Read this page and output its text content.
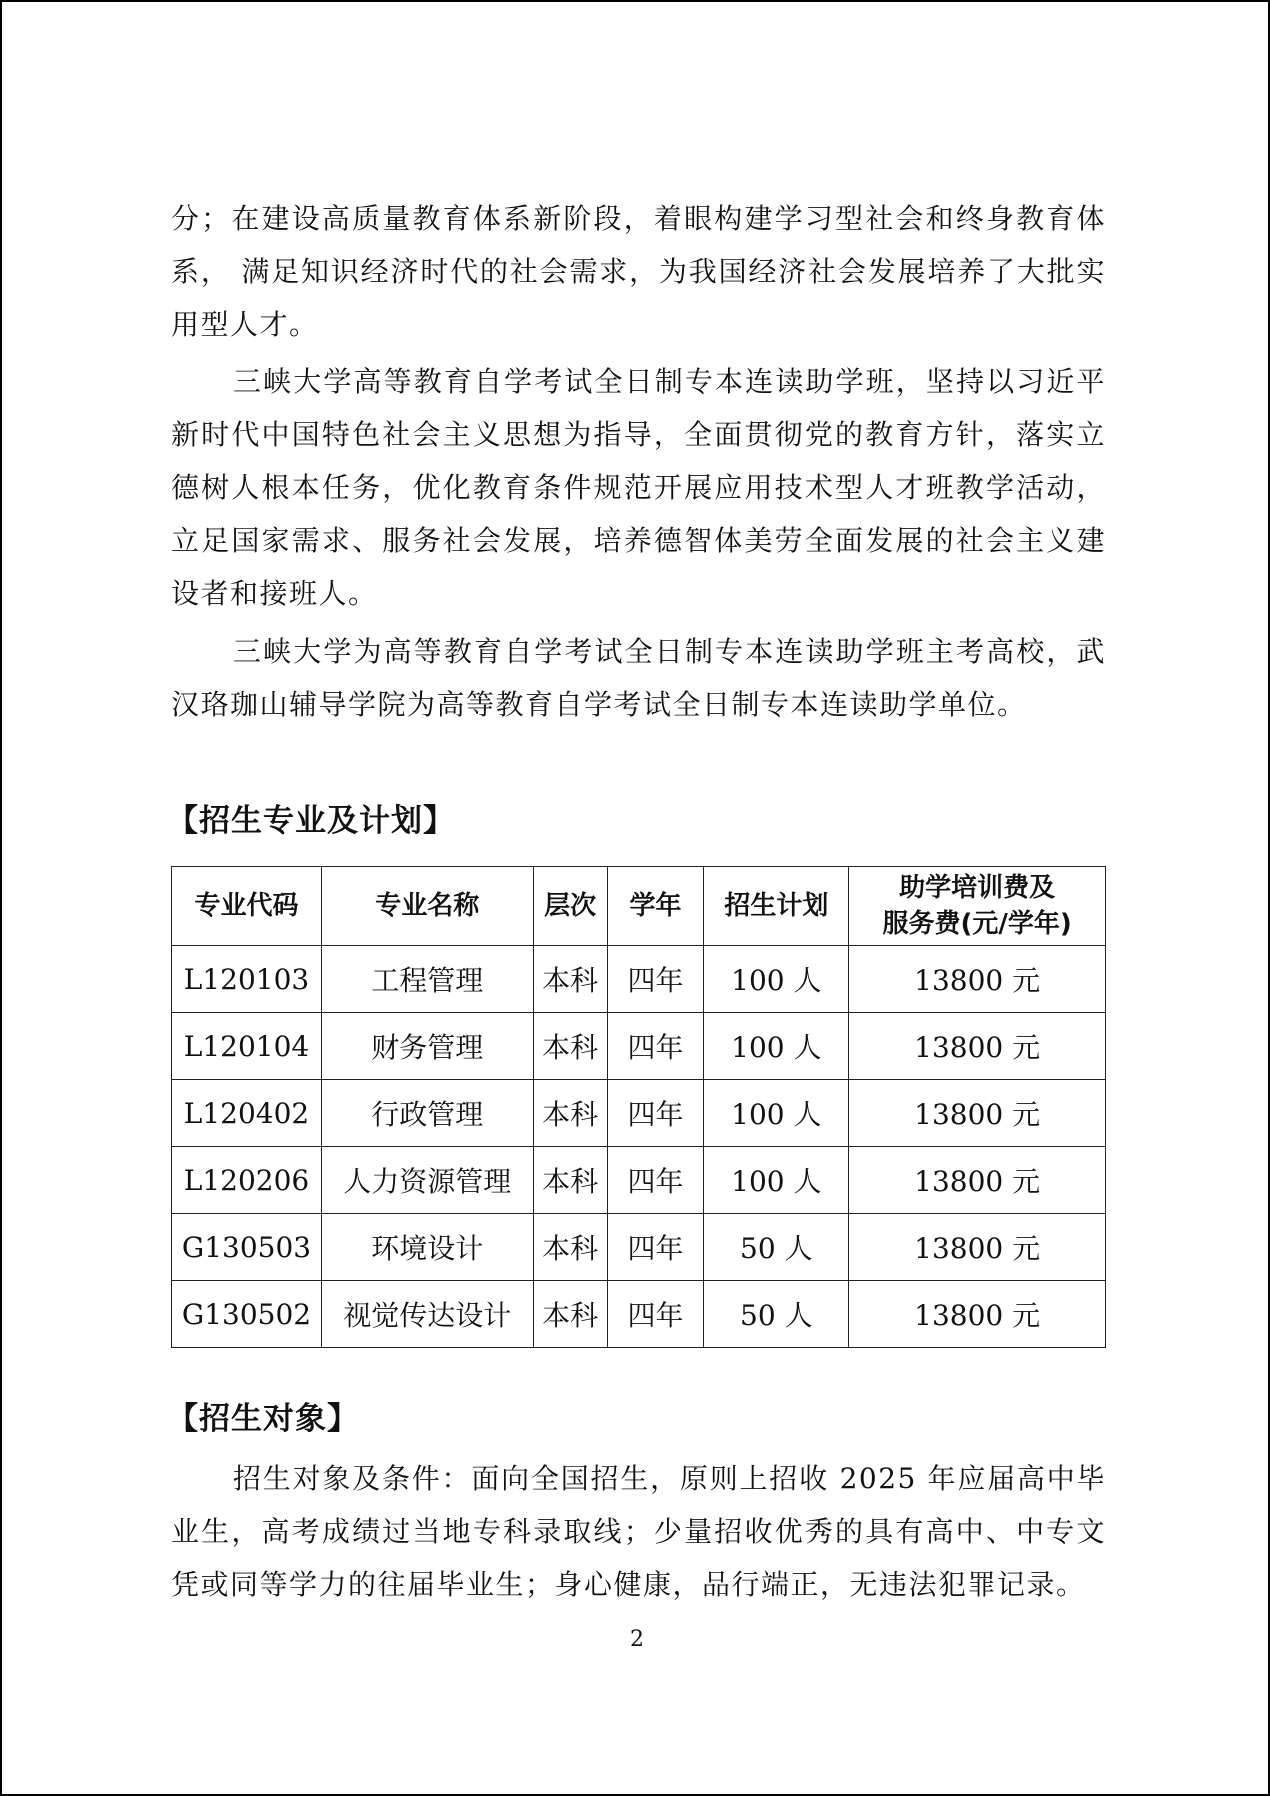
分；在建设高质量教育体系新阶段，着眼构建学习型社会和终身教育体系， 满足知识经济时代的社会需求，为我国经济社会发展培养了大批实用型人才。

三峡大学高等教育自学考试全日制专本连读助学班，坚持以习近平新时代中国特色社会主义思想为指导，全面贯彻党的教育方针，落实立德树人根本任务，优化教育条件规范开展应用技术型人才班教学活动，立足国家需求、服务社会发展，培养德智体美劳全面发展的社会主义建设者和接班人。

三峡大学为高等教育自学考试全日制专本连读助学班主考高校，武汉珞珈山辅导学院为高等教育自学考试全日制专本连读助学单位。

【招生专业及计划】
专业代码	专业名称	层次	学年	招生计划	助学培训费及
服务费(元/学年)

L120103	工程管理	本科	四年	100 人	13800 元
L120104	财务管理	本科	四年	100 人	13800 元
L120402	行政管理	本科	四年	100 人	13800 元
L120206	人力资源管理	本科	四年	100 人	13800 元
G130503	环境设计	本科	四年	50 人	13800 元
G130502	视觉传达设计	本科	四年	50 人	13800 元
【招生对象】

招生对象及条件：面向全国招生，原则上招收 2025 年应届高中毕业生，高考成绩过当地专科录取线；少量招收优秀的具有高中、中专文凭或同等学力的往届毕业生；身心健康，品行端正，无违法犯罪记录。

2
